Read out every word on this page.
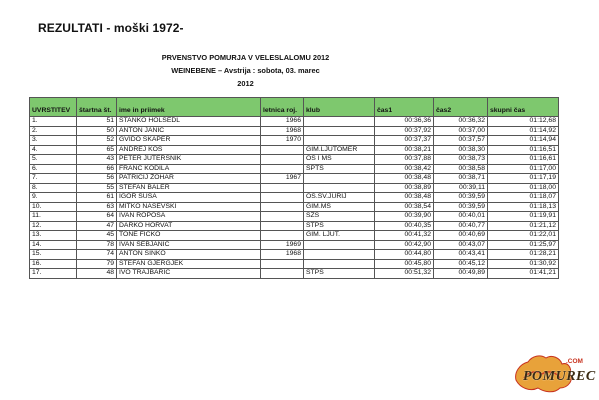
REZULTATI - moški 1972-
PRVENSTVO POMURJA V VELESLALOMU 2012
WEINEBENE – Avstrija : sobota, 03. marec
2012
UVRSTITEV	štartna št.	ime in priimek	letnica roj.	klub	čas1	čas2	skupni čas
1.	51	STANKO HOLSEDL	1966		00:36,36	00:36,32	01:12,68
2.	50	ANTON JANIĆ	1968		00:37,92	00:37,00	01:14,92
3.	52	GVIDO ŠKAPER	1970		00:37,37	00:37,57	01:14,94
4.	65	ANDREJ KOS		GIM.LJUTOMER	00:38,21	00:38,30	01:16,51
5.	43	PETER JUTERŠNIK		OŠ I MS	00:37,88	00:38,73	01:16,61
6.	66	FRANC KODILA		SPTŠ	00:38,42	00:38,58	01:17,00
7.	56	PATRICIJ ŽOHAR	1967		00:38,48	00:38,71	01:17,19
8.	55	ŠTEFAN BALER			00:38,89	00:39,11	01:18,00
9.	61	IGOR ŠUŠA		OŠ.SV.JURIJ	00:38,48	00:39,59	01:18,07
10.	63	MITKO NASEVSKI		GIM.MS	00:38,54	00:39,59	01:18,13
11.	64	IVAN ROPOŠA		SZŠ	00:39,90	00:40,01	01:19,91
12.	47	DARKO HORVAT		STPŠ	00:40,35	00:40,77	01:21,12
13.	45	TONE FICKO		GIM. LJUT.	00:41,32	00:40,69	01:22,01
14.	78	IVAN ŠEBJANIČ	1969		00:42,90	00:43,07	01:25,97
15.	74	ANTON ŠINKO	1968		00:44,80	00:43,41	01:28,21
16.	79	ŠTEFAN GJERGJEK			00:45,80	00:45,12	01:30,92
17.	48	IVO TRAJBARIČ		STPŠ	00:51,32	00:49,89	01:41,21
.COM
POMUREC
